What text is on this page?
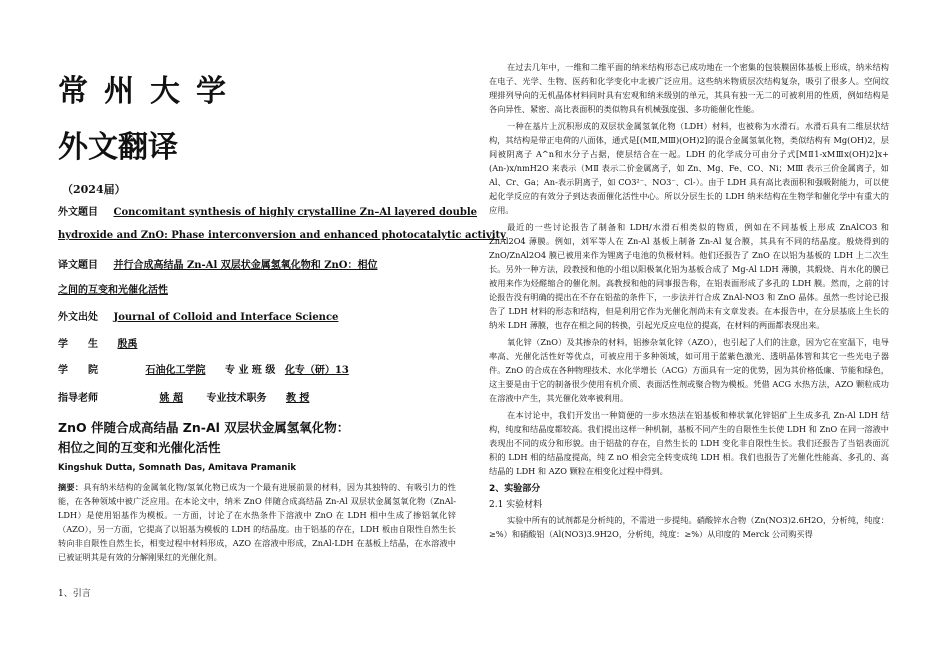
常州大学
外文翻译
（2024届）
外文题目 Concomitant synthesis of highly crystalline Zn–Al layered double
hydroxide and ZnO: Phase interconversion and enhanced photocatalytic activity
译文题目 并行合成高结晶 Zn-Al 双层状金属氢氧化物和 ZnO：相位
之间的互变和光催化活性
外文出处 Journal of Colloid and Interface Science
学　　生 殷禹
学　　院	石油化工学院 专 业 班 级 化专（研）13
指导老师	姚 超 专业技术职务 教 授
ZnO 伴随合成高结晶 Zn-Al 双层状金属氢氧化物：
相位之间的互变和光催化活性
Kingshuk Dutta, Somnath Das, Amitava Pramanik
摘要：具有纳米结构的金属氧化物/氢氧化物已成为一个最有进展前景的材料，因为其独特的、有吸引力的性能，在各种领域中被广泛应用。在本论文中，纳米 ZnO 伴随合成高结晶 Zn-Al 双层状金属氢氧化物（ZnAl-LDH）是使用铝基作为模板。一方面，讨论了在水热条件下溶液中 ZnO 在 LDH 相中生成了掺铝氧化锌（AZO），另一方面，它提高了以铝基为模板的 LDH 的结晶度。由于铝基的存在，LDH 板由自限性自然生长转向非自限性自然生长，相变过程中材料形成，AZO 在溶液中形成，ZnAl-LDH 在基板上结晶，在水溶液中已被证明其是有效的分解刚果红的光催化剂。
1、引言

在过去几年中，一维和二维平面的纳米结构形态已成功地在一个密集的包装膜固体基板上形成，纳米结构在电子、光学、生物、医药和化学变化中北被广泛应用。这些纳米物质层次结构复杂，吸引了很多人。空间纹理排列导向的无机晶体材料同时具有宏观和纳米级别的单元，其具有独一无二的可被利用的性质，例如结构是各向异性、紧密、高比表面积的类似物具有机械强度强、多功能催化性能。

一种在基片上沉积形成的双层状金属氢氧化物（LDH）材料，也被称为水滑石。水滑石具有二维层状结构，其结构是带正电荷的八面体，通式是[(MⅡ,MⅢ)(OH)2]的混合金属氢氧化物，类似结构有 Mg(OH)2，层间被阴离子 A^n和水分子占据，使层结合在一起。LDH 的化学成分可由分子式[MⅡ1-xMⅢx(OH)2]x+(An-)x/nmH2O 来表示（MⅡ 表示二价金属离子，如 Zn、Mg、Fe、CO、Ni；MⅢ 表示三价金属离子，如 Al、Cr、Ga；An-表示阴离子，如 CO3²⁻、NO3⁻、Cl-）。由于 LDH 具有高比表面积和强吸附能力，可以使起化学反应的有效分子到达表面催化活性中心。所以分层生长的 LDH 纳米结构在生物学和催化学中有重大的应用。

最近的一些讨论报告了制备和 LDH/水滑石相类似的物质，例如在不同基板上形成 ZnAlCO3 和 ZnAl2O4 薄膜。例如，刘军等人在 Zn-Al 基板上制备 Zn-Al 复合膜，其具有不同的结晶度。般烧得到的 ZnO/ZnAl2O4 膜已被用来作为锂离子电池的负极材料。他们还报告了 ZnO 在以铝为基板的 LDH 上二次生长。另外一种方法，段教授和他的小组以阳极氧化铝为基板合成了 Mg-Al LDH 薄膜，其煅烧、肖水化的膜已被用来作为烃醛缩合的催化剂。高教授和他的同事报告称，在铝表面形成了多孔的 LDH 膜。然而，之前的讨论报告没有明确的提出在不存在铝盐的条件下，一步法并行合成 ZnAl-NO3 和 ZnO 晶体。虽然一些讨论已报告了 LDH 材料的形态和结构，但是利用它作为光催化剂尚未有文章发表。在本报告中，在分层基底上生长的纳米 LDH 薄膜，也存在相之间的转换，引起光反应电位的提高，在材料的两面都表现出来。

氧化锌（ZnO）及其掺杂的材料，铝掺杂氧化锌（AZO），也引起了人们的注意，因为它在室温下，电导率高、光催化活性好等优点，可被应用于多种领域，如可用于蓝紫色激光、透明晶体管和其它一些光电子器件。ZnO 的合成在各种物理技术、水化学增长（ACG）方面具有一定的优势，因为其价格低廉、节能和绿色，这主要是由于它的制备很少使用有机介质、表面活性剂或聚合物为模板。凭借 ACG 水热方法，AZO 颗粒成功在溶液中产生，其光催化效率被利用。

在本讨论中，我们开发出一种简便的一步水热法在铝基板和棒状氧化锌铝矿上生成多孔 Zn-Al LDH 结构，纯度和结晶度都较高。我们提出这样一种机制，基板不同产生的自限性生长使 LDH 和 ZnO 在同一溶液中表现出不同的成分和形貌。由于铝盐的存在，自然生长的 LDH 变化非自限性生长。我们还报告了当铝表面沉积的 LDH 相的结晶度提高，纯 Z nO 相会完全转变成纯 LDH 相。我们也报告了光催化性能高、多孔的、高结晶的 LDH 和 AZO 颗粒在相变化过程中得到。

2、实验部分
2.1 实验材料

实验中所有的试剂都是分析纯的，不需进一步提纯。硝酸锌水合物（Zn(NO3)2.6H2O，分析纯，纯度：≥%）和硝酸铝（Al(NO3)3.9H2O，分析纯，纯度：≥%）从印度的 Merck 公司购买得
